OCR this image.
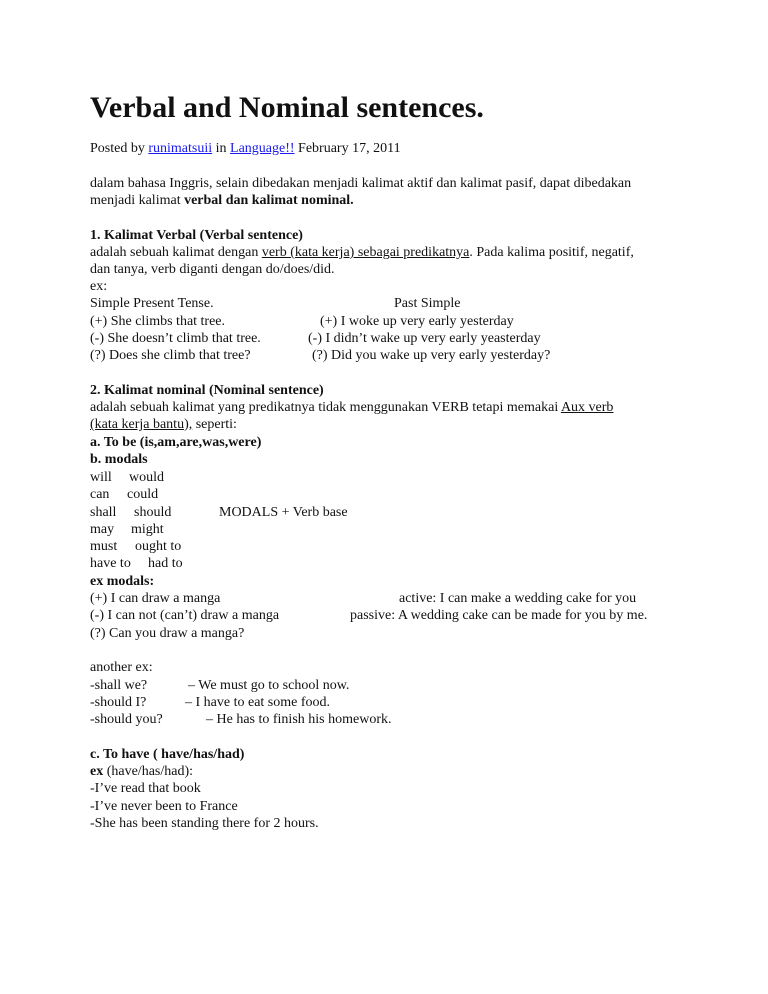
Verbal and Nominal sentences.
Posted by runimatsuii in Language!! February 17, 2011
dalam bahasa Inggris, selain dibedakan menjadi kalimat aktif dan kalimat pasif, dapat dibedakan
menjadi kalimat verbal dan kalimat nominal.
1. Kalimat Verbal (Verbal sentence)
adalah sebuah kalimat dengan verb (kata kerja) sebagai predikatnya. Pada kalima positif, negatif,
dan tanya, verb diganti dengan do/does/did.
ex:
Simple Present Tense.	Past Simple
(+) She climbs that tree.	(+) I woke up very early yesterday
(-) She doesn’t climb that tree.	(-) I didn’t wake up very early yeasterday
(?) Does she climb that tree?	(?) Did you wake up very early yesterday?
2. Kalimat nominal (Nominal sentence)
adalah sebuah kalimat yang predikatnya tidak menggunakan VERB tetapi memakai Aux verb
(kata kerja bantu), seperti:
a. To be (is,am,are,was,were)
b. modals
will would
can could
shall should	MODALS + Verb base
may might
must ought to
have to had to
ex modals:
(+) I can draw a manga	active: I can make a wedding cake for you
(-) I can not (can’t) draw a manga	passive: A wedding cake can be made for you by me.
(?) Can you draw a manga?
another ex:
-shall we?	– We must go to school now.
-should I?	– I have to eat some food.
-should you?	– He has to finish his homework.
c. To have ( have/has/had)
ex (have/has/had):
-I’ve read that book
-I’ve never been to France
-She has been standing there for 2 hours.
